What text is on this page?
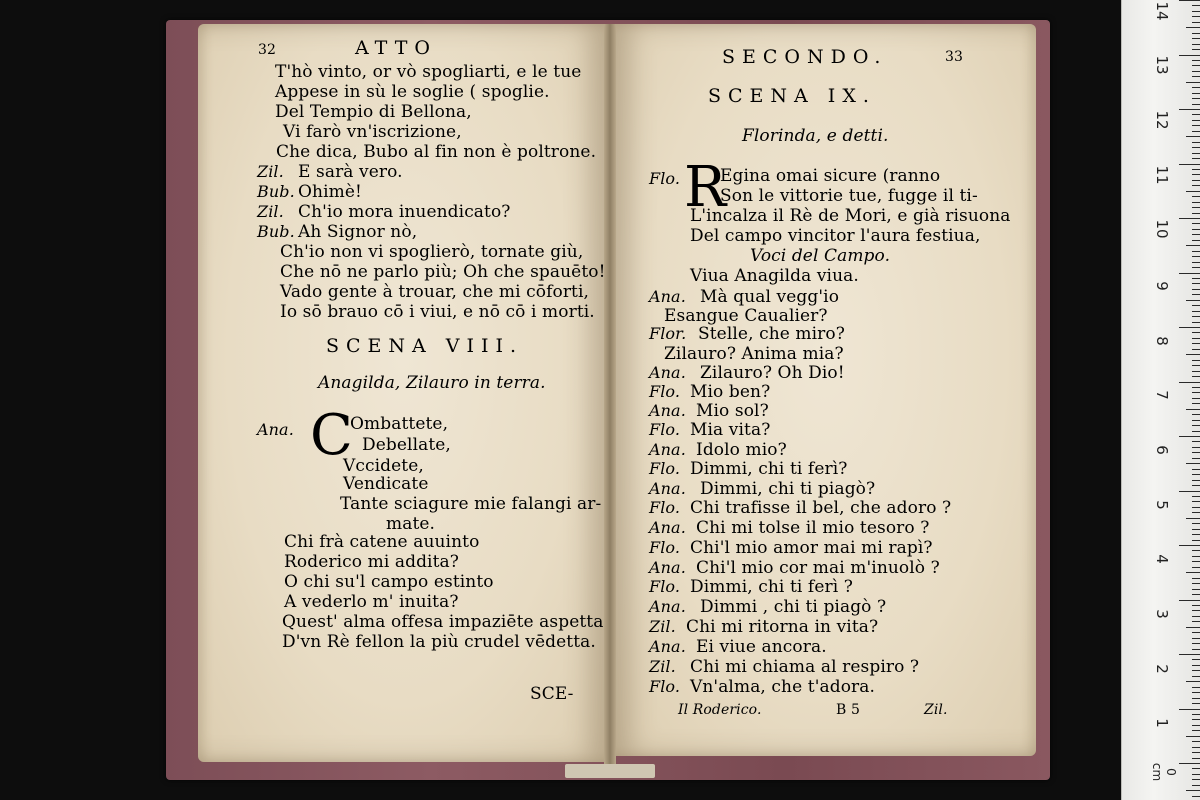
32	ATTO
T'hò vinto, or vò spogliarti, e le tue
Appese in sù le soglie ( spoglie.
Del Tempio di Bellona,
Vi farò vn'iscrizione,
Che dica, Bubo al fin non è poltrone.
Zil. E sarà vero.
Bub. Ohimè!
Zil. Ch'io mora inuendicato?
Bub. Ah Signor nò,
Ch'io non vi spoglierò, tornate giù,
Che nō ne parlo più; Oh che spauēto!
Vado gente à trouar, che mi cōforti,
Io sō brauo cō i viui, e nō cō i morti.
SCENA VIII.
Anagilda, Zilauro in terra.
Ana. C
Ombattete,
Debellate,
Vccidete,
Vendicate
Tante sciagure mie falangi ar-
mate.
Chi frà catene auuinto
Roderico mi addita?
O chi su'l campo estinto
A vederlo m' inuita?
Quest' alma offesa impaziēte aspetta
D'vn Rè fellon la più crudel vēdetta.
SCE-
SECONDO.	33
SCENA IX.
Florinda, e detti.
Flo. R
Egina omai sicure (ranno
Son le vittorie tue, fugge il ti-
L'incalza il Rè de Mori, e già risuona
Del campo vincitor l'aura festiua,
Voci del Campo.
Viua Anagilda viua.
Ana. Mà qual vegg'io
Esangue Caualier?
Flor. Stelle, che miro?
Zilauro? Anima mia?
Ana. Zilauro? Oh Dio!
Flo. Mio ben?
Ana. Mio sol?
Flo. Mia vita?
Ana. Idolo mio?
Flo. Dimmi, chi ti ferì?
Ana. Dimmi, chi ti piagò?
Flo. Chi trafisse il bel, che adoro ?
Ana. Chi mi tolse il mio tesoro ?
Flo. Chi'l mio amor mai mi rapì?
Ana. Chi'l mio cor mai m'inuolò ?
Flo. Dimmi, chi ti ferì ?
Ana. Dimmi , chi ti piagò ?
Zil. Chi mi ritorna in vita?
Ana. Ei viue ancora.
Zil. Chi mi chiama al respiro ?
Flo. Vn'alma, che t'adora.
Il Roderico.	B 5	Zil.
14
13
12
11
10
9
8
7
6
5
4
3
2
1
0 cm
